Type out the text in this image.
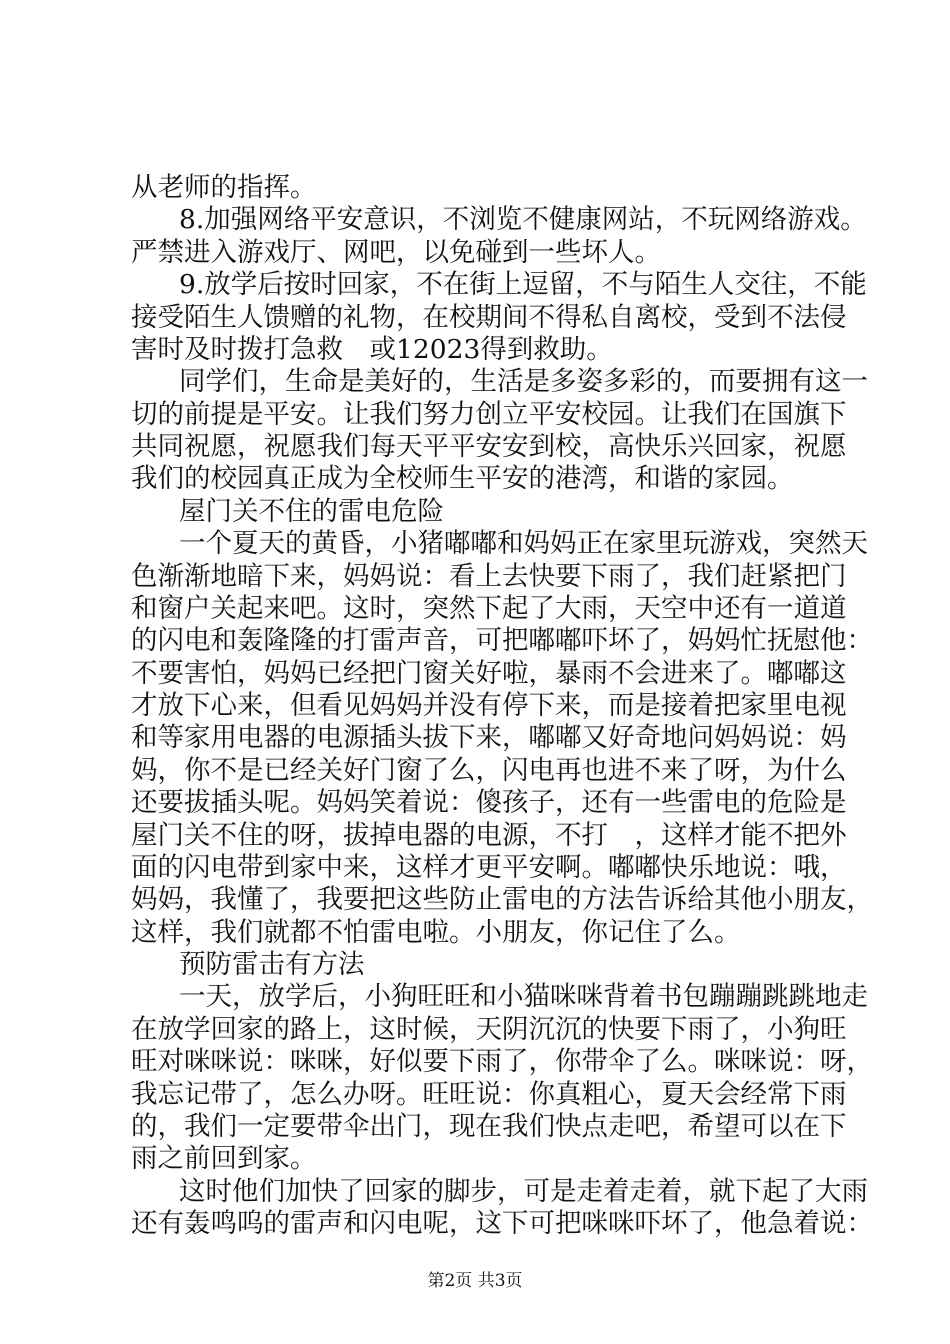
从老师的指挥。
8.加强网络平安意识，不浏览不健康网站，不玩网络游戏。
严禁进入游戏厅、网吧，以免碰到一些坏人。
9.放学后按时回家，不在街上逗留，不与陌生人交往，不能
接受陌生人馈赠的礼物，在校期间不得私自离校，受到不法侵
害时及时拨打急救　或12023得到救助。
同学们，生命是美好的，生活是多姿多彩的，而要拥有这一
切的前提是平安。让我们努力创立平安校园。让我们在国旗下
共同祝愿，祝愿我们每天平平安安到校，高快乐兴回家，祝愿
我们的校园真正成为全校师生平安的港湾，和谐的家园。
屋门关不住的雷电危险
一个夏天的黄昏，小猪嘟嘟和妈妈正在家里玩游戏，突然天
色渐渐地暗下来，妈妈说：看上去快要下雨了，我们赶紧把门
和窗户关起来吧。这时，突然下起了大雨，天空中还有一道道
的闪电和轰隆隆的打雷声音，可把嘟嘟吓坏了，妈妈忙抚慰他：
不要害怕，妈妈已经把门窗关好啦，暴雨不会进来了。嘟嘟这
才放下心来，但看见妈妈并没有停下来，而是接着把家里电视
和等家用电器的电源插头拔下来，嘟嘟又好奇地问妈妈说：妈
妈，你不是已经关好门窗了么，闪电再也进不来了呀，为什么
还要拔插头呢。妈妈笑着说：傻孩子，还有一些雷电的危险是
屋门关不住的呀，拔掉电器的电源，不打　，这样才能不把外
面的闪电带到家中来，这样才更平安啊。嘟嘟快乐地说：哦，
妈妈，我懂了，我要把这些防止雷电的方法告诉给其他小朋友，
这样，我们就都不怕雷电啦。小朋友，你记住了么。
预防雷击有方法
一天，放学后，小狗旺旺和小猫咪咪背着书包蹦蹦跳跳地走
在放学回家的路上，这时候，天阴沉沉的快要下雨了，小狗旺
旺对咪咪说：咪咪，好似要下雨了，你带伞了么。咪咪说：呀，
我忘记带了，怎么办呀。旺旺说：你真粗心，夏天会经常下雨
的，我们一定要带伞出门，现在我们快点走吧，希望可以在下
雨之前回到家。
这时他们加快了回家的脚步，可是走着走着，就下起了大雨
还有轰鸣呜的雷声和闪电呢，这下可把咪咪吓坏了，他急着说：
第2页 共3页
